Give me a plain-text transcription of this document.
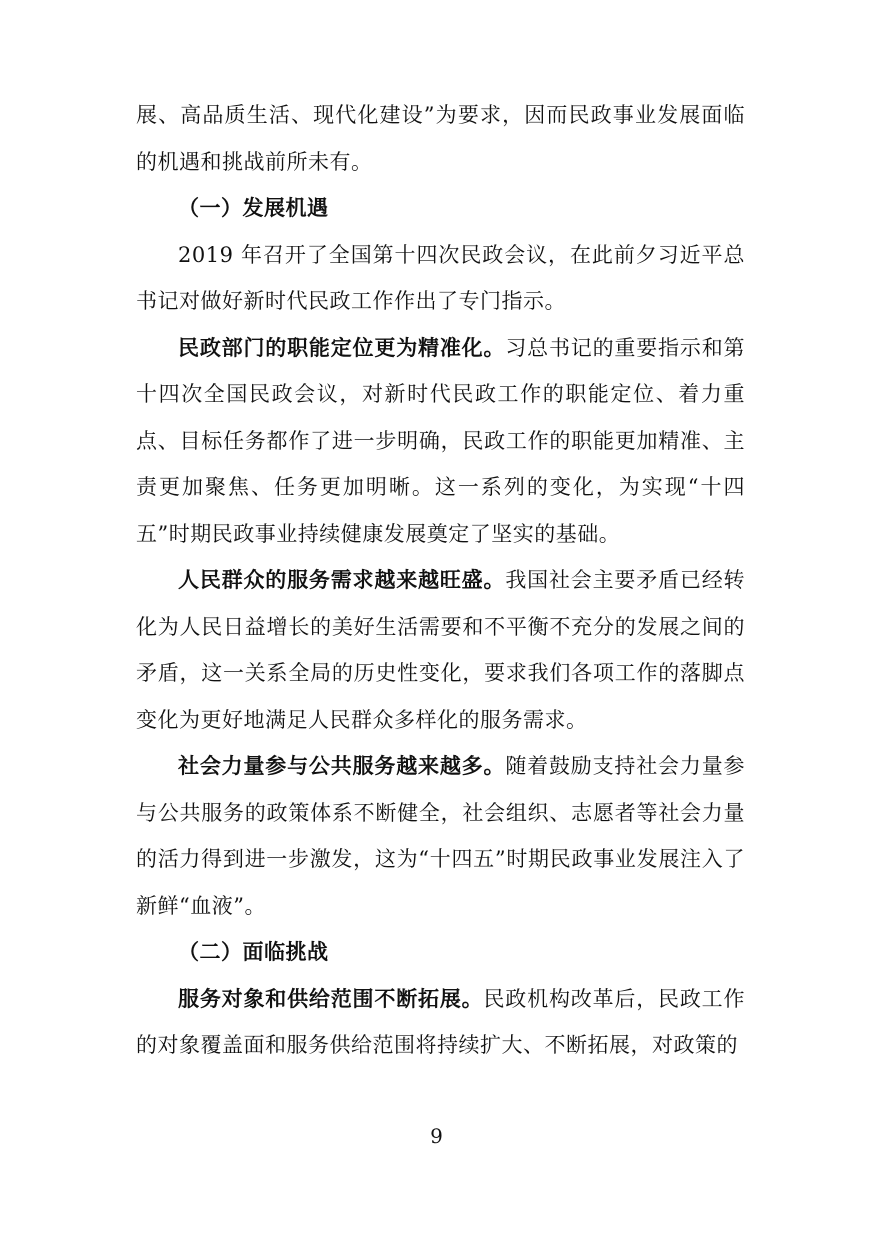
展、高品质生活、现代化建设”为要求，因而民政事业发展面临的机遇和挑战前所未有。

（一）发展机遇

2019 年召开了全国第十四次民政会议，在此前夕习近平总书记对做好新时代民政工作作出了专门指示。

民政部门的职能定位更为精准化。习总书记的重要指示和第十四次全国民政会议，对新时代民政工作的职能定位、着力重点、目标任务都作了进一步明确，民政工作的职能更加精准、主责更加聚焦、任务更加明晰。这一系列的变化，为实现“十四五”时期民政事业持续健康发展奠定了坚实的基础。

人民群众的服务需求越来越旺盛。我国社会主要矛盾已经转化为人民日益增长的美好生活需要和不平衡不充分的发展之间的矛盾，这一关系全局的历史性变化，要求我们各项工作的落脚点变化为更好地满足人民群众多样化的服务需求。

社会力量参与公共服务越来越多。随着鼓励支持社会力量参与公共服务的政策体系不断健全，社会组织、志愿者等社会力量的活力得到进一步激发，这为“十四五”时期民政事业发展注入了新鲜“血液”。

（二）面临挑战

服务对象和供给范围不断拓展。民政机构改革后，民政工作的对象覆盖面和服务供给范围将持续扩大、不断拓展，对政策的

9
